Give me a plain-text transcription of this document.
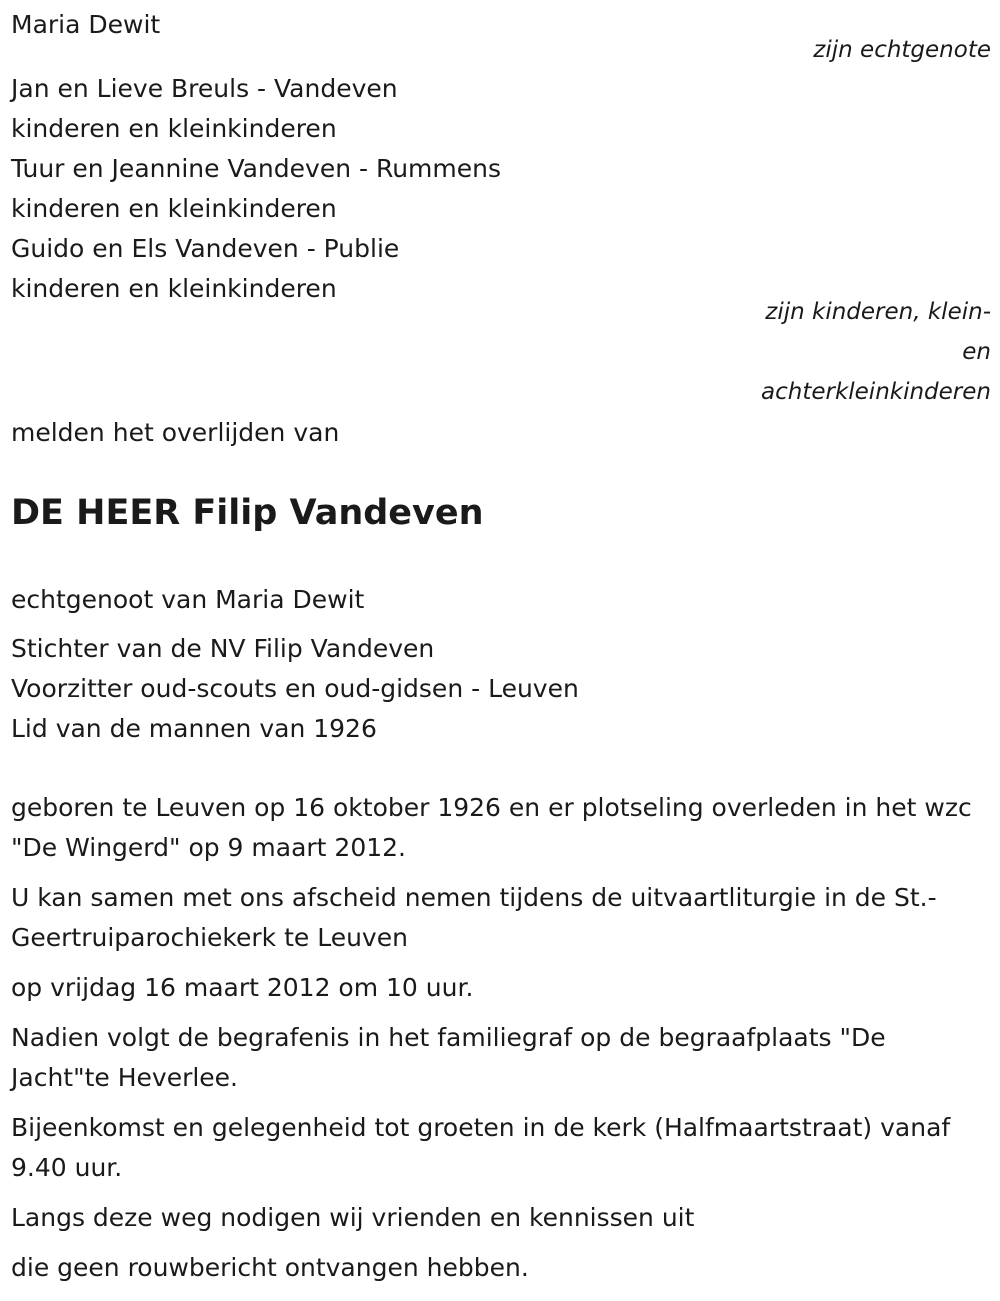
Maria Dewit
zijn echtgenote
Jan en Lieve Breuls - Vandeven
kinderen en kleinkinderen
Tuur en Jeannine Vandeven - Rummens
kinderen en kleinkinderen
Guido en Els Vandeven - Publie
kinderen en kleinkinderen
zijn kinderen, klein-
en
achterkleinkinderen
melden het overlijden van
DE HEER Filip Vandeven
echtgenoot van Maria Dewit
Stichter van de NV Filip Vandeven
Voorzitter oud-scouts en oud-gidsen - Leuven
Lid van de mannen van 1926
geboren te Leuven op 16 oktober 1926 en er plotseling overleden in het wzc "De Wingerd" op 9 maart 2012.
U kan samen met ons afscheid nemen tijdens de uitvaartliturgie in de St.-Geertruiparochiekerk te Leuven
op vrijdag 16 maart 2012 om 10 uur.
Nadien volgt de begrafenis in het familiegraf op de begraafplaats "De Jacht"te Heverlee.
Bijeenkomst en gelegenheid tot groeten in de kerk (Halfmaartstraat) vanaf 9.40 uur.
Langs deze weg nodigen wij vrienden en kennissen uit
die geen rouwbericht ontvangen hebben.
